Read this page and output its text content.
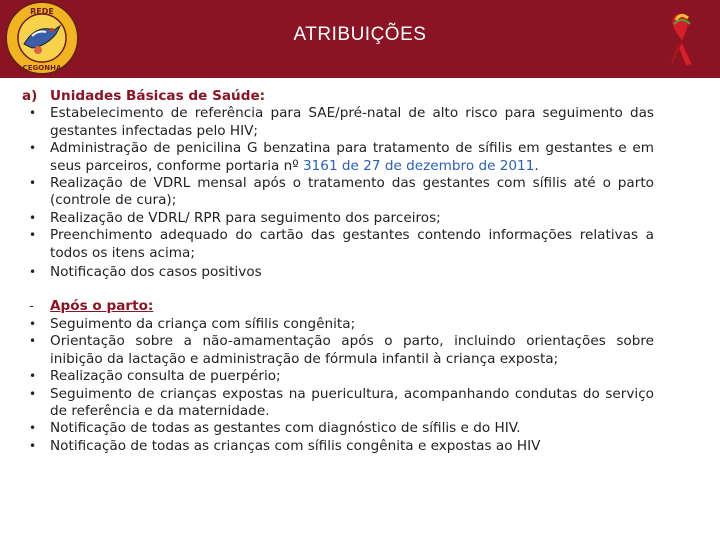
REDE
CEGONHA
ATRIBUIÇÕES
a) Unidades Básicas de Saúde:
•	Estabelecimento de referência para SAE/pré-natal de alto risco para seguimento das gestantes infectadas pelo HIV;
•	Administração de penicilina G benzatina para tratamento de sífilis em gestantes e em seus parceiros, conforme portaria nº 3161 de 27 de dezembro de 2011.
•	Realização de VDRL mensal após o tratamento das gestantes com sífilis até o parto (controle de cura);
•	Realização de VDRL/ RPR para seguimento dos parceiros;
•	Preenchimento adequado do cartão das gestantes contendo informações relativas a todos os itens acima;
•	Notificação dos casos positivos
-	Após o parto:
•	Seguimento da criança com sífilis congênita;
•	Orientação sobre a não-amamentação após o parto, incluindo orientações sobre inibição da lactação e administração de fórmula infantil à criança exposta;
•	Realização consulta de puerpério;
•	Seguimento de crianças expostas na puericultura, acompanhando condutas do serviço de referência e da maternidade.
•	Notificação de todas as gestantes com diagnóstico de sífilis e do HIV.
•	Notificação de todas as crianças com sífilis congênita e expostas ao HIV
